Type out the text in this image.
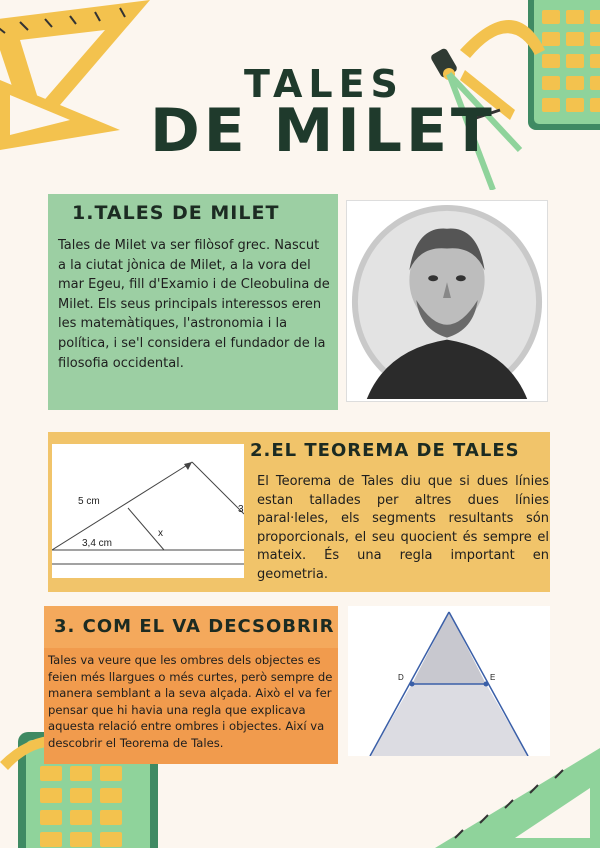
TALES
DE MILET
1.TALES DE MILET
Tales de Milet va ser filòsof grec. Nascut a la ciutat jònica de Milet, a la vora del mar Egeu, fill d'Examio i de Cleobulina de Milet. Els seus principals interessos eren les matemàtiques, l'astronomia i la política, i se'l considera el fundador de la filosofia occidental.
5 cm
3,4 cm
x
3
2.EL TEOREMA DE TALES
El Teorema de Tales diu que si dues línies estan tallades per altres dues línies paral·leles, els segments resultants són proporcionals, el seu quocient és sempre el mateix. És una regla important en geometria.
3. COM EL VA DECSOBRIR
Tales va veure que les ombres dels objectes es feien més llargues o més curtes, però sempre de manera semblant a la seva alçada. Això el va fer pensar que hi havia una regla que explicava aquesta relació entre ombres i objectes. Així va descobrir el Teorema de Tales.
D	E
